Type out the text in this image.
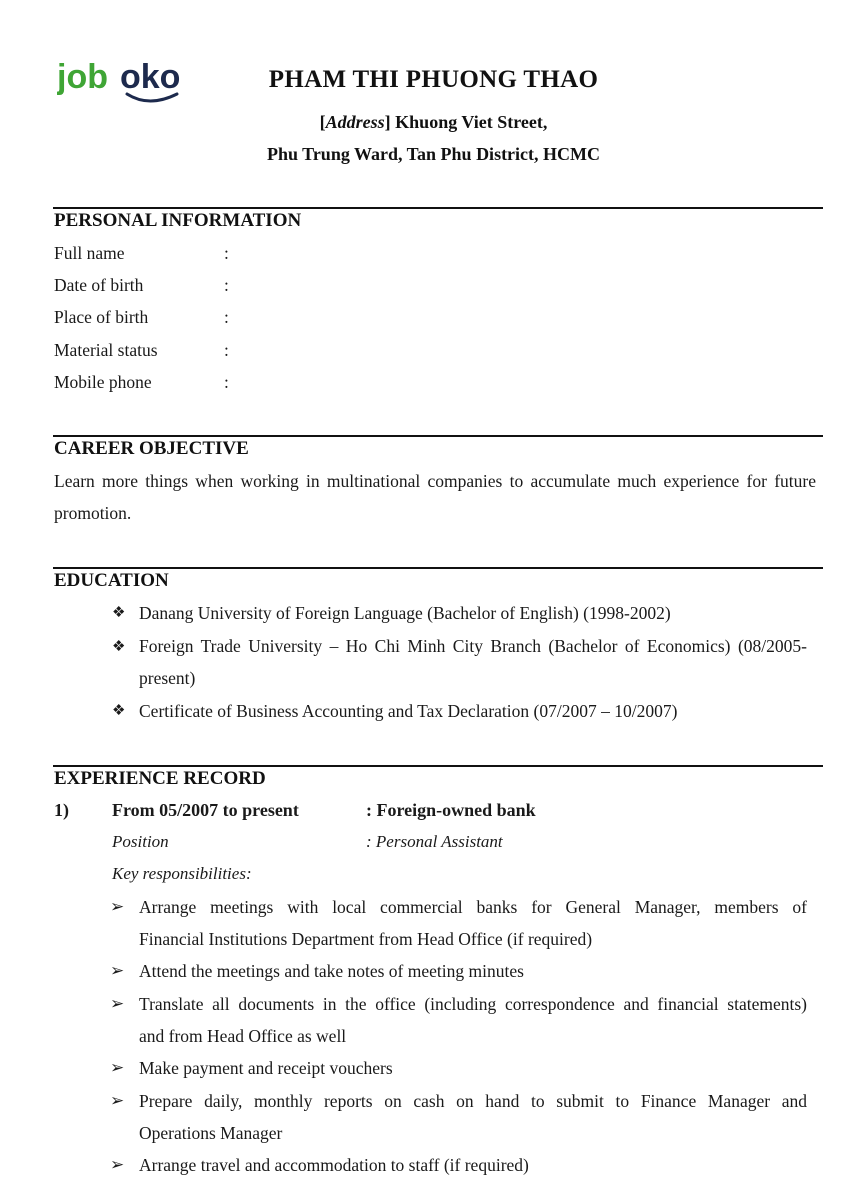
job oko	PHAM THI PHUONG THAO
[Address] Khuong Viet Street,
Phu Trung Ward, Tan Phu District, HCMC
PERSONAL INFORMATION
Full name	:
Date of birth	:
Place of birth	:
Material status	:
Mobile phone	:
CAREER OBJECTIVE
Learn more things when working in multinational companies to accumulate much experience for future
promotion.
EDUCATION
❖ Danang University of Foreign Language (Bachelor of English) (1998-2002)
❖ Foreign Trade University – Ho Chi Minh City Branch (Bachelor of Economics) (08/2005-
present)
❖ Certificate of Business Accounting and Tax Declaration (07/2007 – 10/2007)
EXPERIENCE RECORD
1) From 05/2007 to present	: Foreign-owned bank
Position	: Personal Assistant
Key responsibilities:
➢ Arrange meetings with local commercial banks for General Manager, members of
Financial Institutions Department from Head Office (if required)
➢ Attend the meetings and take notes of meeting minutes
➢ Translate all documents in the office (including correspondence and financial statements)
and from Head Office as well
➢ Make payment and receipt vouchers
➢ Prepare daily, monthly reports on cash on hand to submit to Finance Manager and
Operations Manager
➢ Arrange travel and accommodation to staff (if required)
